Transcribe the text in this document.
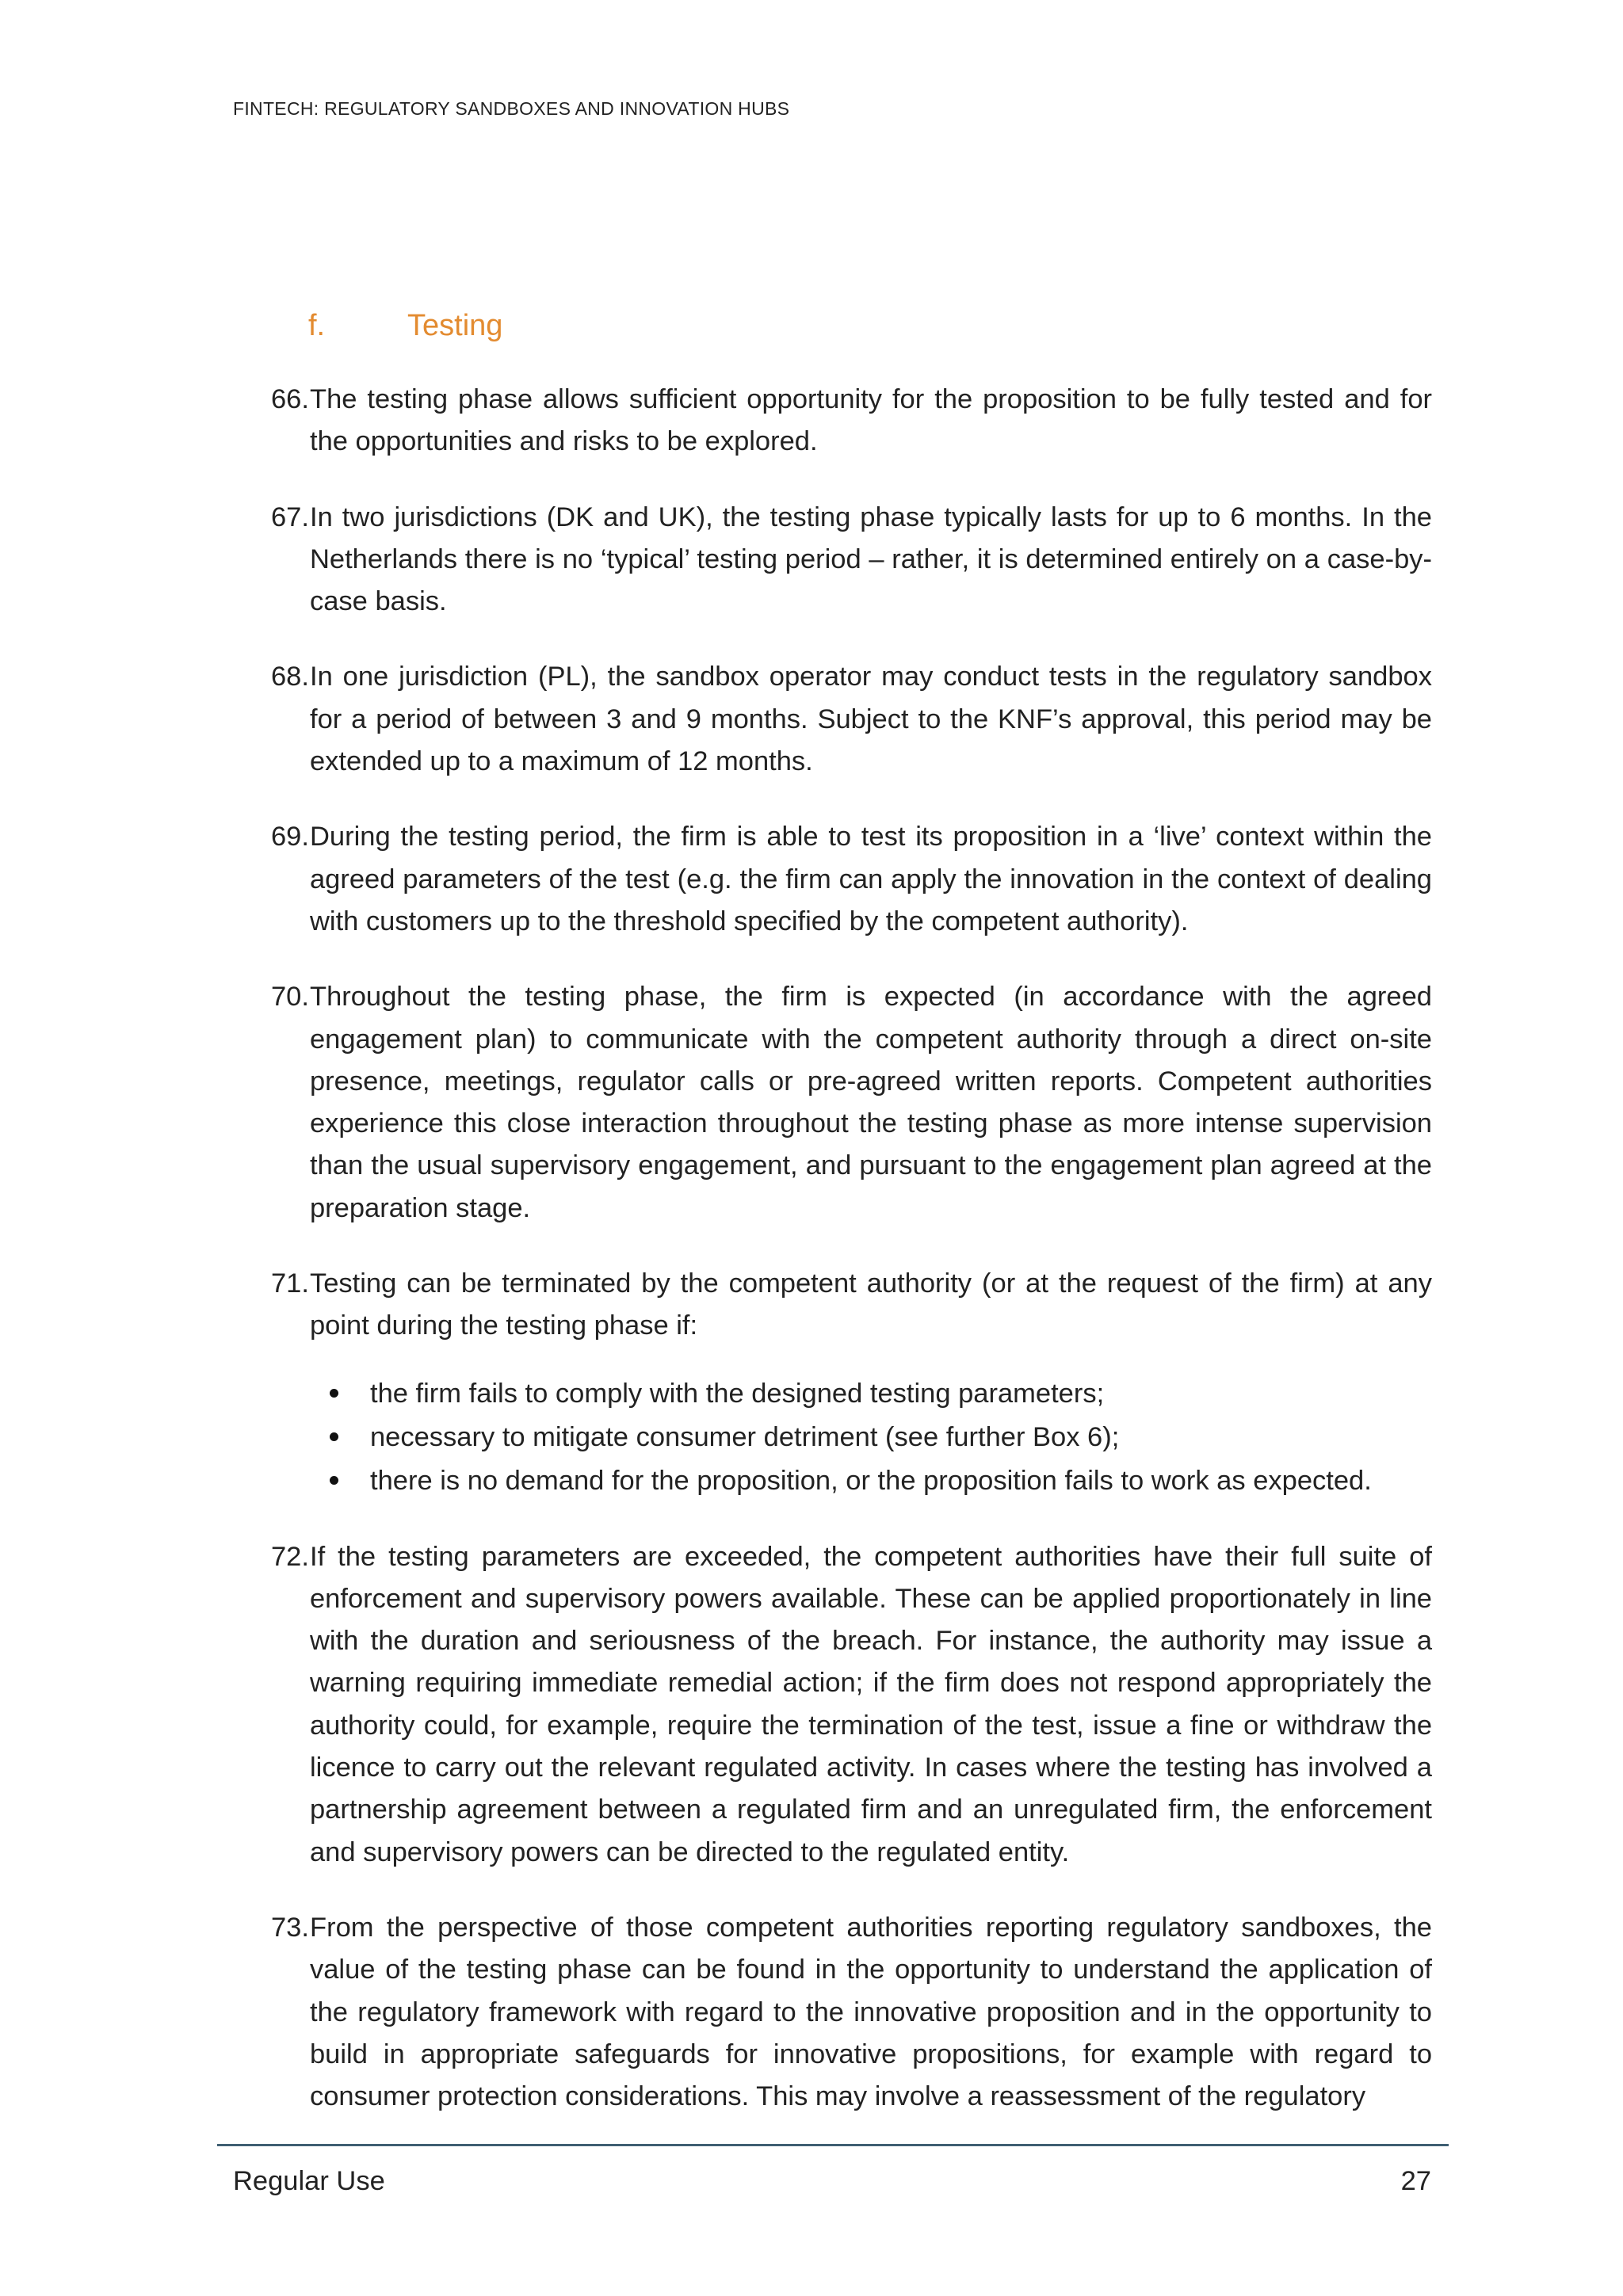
FINTECH: REGULATORY SANDBOXES AND INNOVATION HUBS
f.	Testing
66. The testing phase allows sufficient opportunity for the proposition to be fully tested and for the opportunities and risks to be explored.
67. In two jurisdictions (DK and UK), the testing phase typically lasts for up to 6 months. In the Netherlands there is no ‘typical’ testing period – rather, it is determined entirely on a case-by-case basis.
68. In one jurisdiction (PL), the sandbox operator may conduct tests in the regulatory sandbox for a period of between 3 and 9 months. Subject to the KNF’s approval, this period may be extended up to a maximum of 12 months.
69. During the testing period, the firm is able to test its proposition in a ‘live’ context within the agreed parameters of the test (e.g. the firm can apply the innovation in the context of dealing with customers up to the threshold specified by the competent authority).
70. Throughout the testing phase, the firm is expected (in accordance with the agreed engagement plan) to communicate with the competent authority through a direct on-site presence, meetings, regulator calls or pre-agreed written reports. Competent authorities experience this close interaction throughout the testing phase as more intense supervision than the usual supervisory engagement, and pursuant to the engagement plan agreed at the preparation stage.
71. Testing can be terminated by the competent authority (or at the request of the firm) at any point during the testing phase if:
the firm fails to comply with the designed testing parameters;
necessary to mitigate consumer detriment (see further Box 6);
there is no demand for the proposition, or the proposition fails to work as expected.
72. If the testing parameters are exceeded, the competent authorities have their full suite of enforcement and supervisory powers available. These can be applied proportionately in line with the duration and seriousness of the breach. For instance, the authority may issue a warning requiring immediate remedial action; if the firm does not respond appropriately the authority could, for example, require the termination of the test, issue a fine or withdraw the licence to carry out the relevant regulated activity. In cases where the testing has involved a partnership agreement between a regulated firm and an unregulated firm, the enforcement and supervisory powers can be directed to the regulated entity.
73. From the perspective of those competent authorities reporting regulatory sandboxes, the value of the testing phase can be found in the opportunity to understand the application of the regulatory framework with regard to the innovative proposition and in the opportunity to build in appropriate safeguards for innovative propositions, for example with regard to consumer protection considerations. This may involve a reassessment of the regulatory
Regular Use	27
